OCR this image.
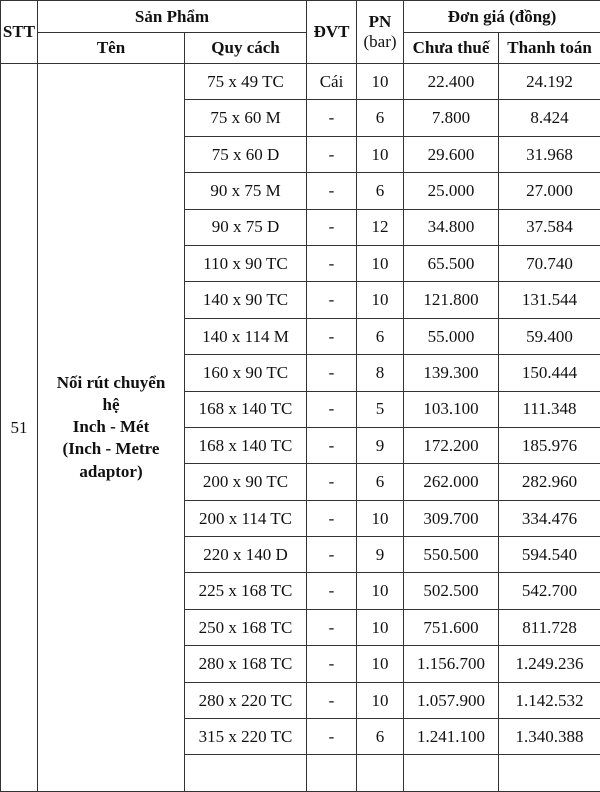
STT	Sản Phẩm		ĐVT	PN
(bar)	Đơn giá (đồng)	
	Tên	Quy cách			Chưa thuế	Thanh toán
51	Nối rút chuyển
hệ
Inch - Mét
(Inch - Metre
adaptor)	75 x 49 TC	Cái	10	22.400	24.192
		75 x 60 M	-	6	7.800	8.424
		75 x 60 D	-	10	29.600	31.968
		90 x 75 M	-	6	25.000	27.000
		90 x 75 D	-	12	34.800	37.584
		110 x 90 TC	-	10	65.500	70.740
		140 x 90 TC	-	10	121.800	131.544
		140 x 114 M	-	6	55.000	59.400
		160 x 90 TC	-	8	139.300	150.444
		168 x 140 TC	-	5	103.100	111.348
		168 x 140 TC	-	9	172.200	185.976
		200 x 90 TC	-	6	262.000	282.960
		200 x 114 TC	-	10	309.700	334.476
		220 x 140 D	-	9	550.500	594.540
		225 x 168 TC	-	10	502.500	542.700
		250 x 168 TC	-	10	751.600	811.728
		280 x 168 TC	-	10	1.156.700	1.249.236
		280 x 220 TC	-	10	1.057.900	1.142.532
		315 x 220 TC	-	6	1.241.100	1.340.388
